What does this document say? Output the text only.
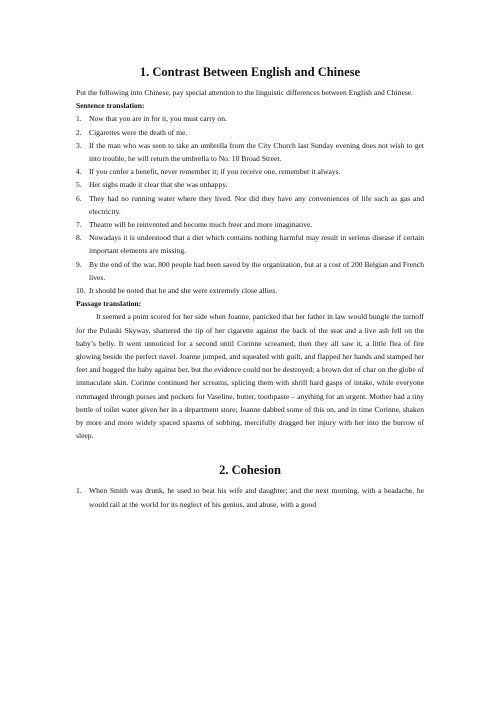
1. Contrast Between English and Chinese

Put the following into Chinese, pay special attention to the linguistic differences between English and Chinese.

Sentence translation:
1. Now that you are in for it, you must carry on.
2. Cigarettes were the death of me.
3. If the man who was seen to take an umbrella from the City Church last Sunday evening does not wish to get into trouble, he will return the umbrella to No. 10 Broad Street.
4. If you confer a benefit, never remember it; if you receive one, remember it always.
5. Her sighs made it clear that she was unhappy.
6. They had no running water where they lived. Nor did they have any conveniences of life such as gas and electricity.
7. Theatre will be reinvented and become much freer and more imaginative.
8. Nowadays it is understood that a diet which contains nothing harmful may result in serious disease if certain important elements are missing.
9. By the end of the war, 800 people had been saved by the organization, but at a cost of 200 Belgian and French lives.
10. It should be noted that he and she were extremely close allies.
Passage translation:

It seemed a point scored for her side when Joanne, panicked that her father in law would bungle the turnoff for the Pulaski Skyway, shattered the tip of her cigarette against the back of the seat and a live ash fell on the baby’s belly. It went unnoticed for a second until Corinne screamed; then they all saw it, a little flea of fire glowing beside the perfect navel. Joanne jumped, and squealed with guilt, and flapped her hands and stamped her feet and hugged the baby against her, but the evidence could not be destroyed; a brown dot of char on the globe of immaculate skin. Corinne continued her screams, splicing them with shrill hard gasps of intake, while everyone rummaged through purses and pockets for Vaseline, butter, toothpaste – anything for an urgent. Mother had a tiny bottle of toilet water given her in a department store; Joanne dabbed some of this on, and in time Corinne, shaken by more and more widely spaced spasms of sobbing, mercifully dragged her injury with her into the burrow of sleep.

2. Cohesion
1. When Smith was drunk, he used to beat his wife and daughter; and the next morning, with a headache, he would rail at the world for its neglect of his genius, and abuse, with a good
